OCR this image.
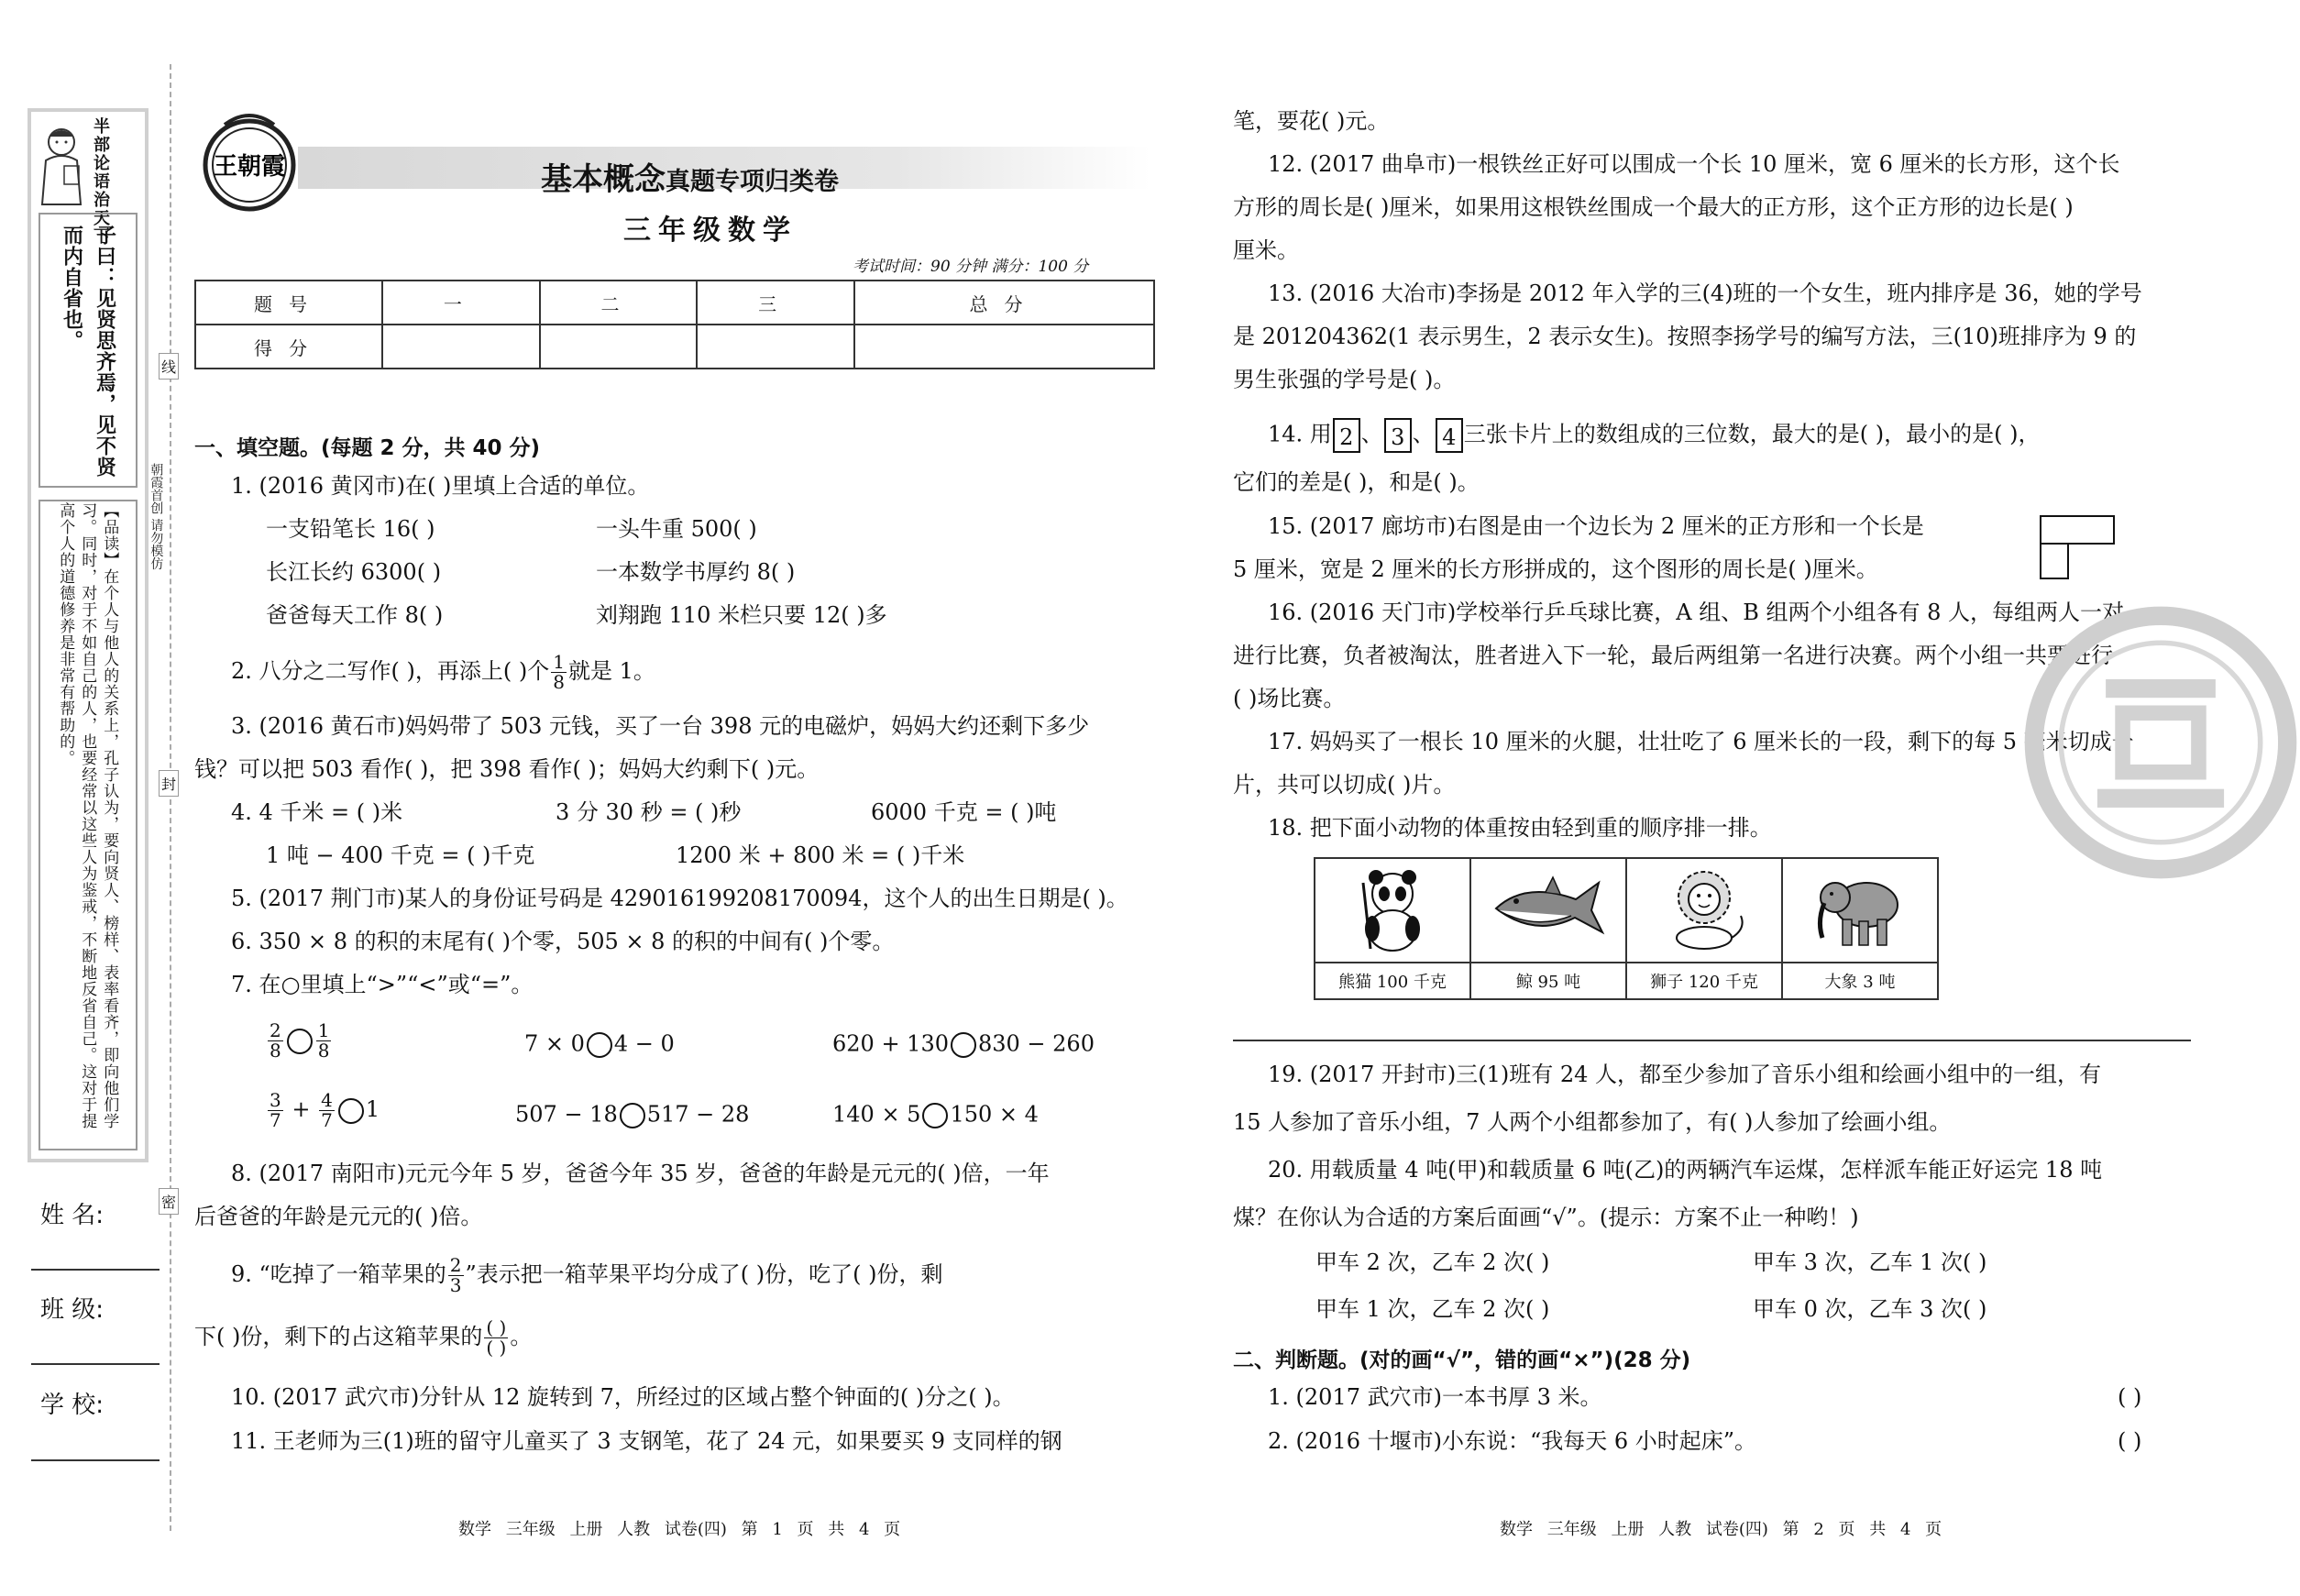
半部论语治天下
子曰：见贤思齐焉，见不贤
而内自省也。
【品读】在个人与他人的关系上，孔子认为，要向贤人、榜样、表率看齐，即向他们学
习。同时，对于不如自己的人，也要经常以这些人为鉴戒，不断地反省自己。这对于提
高个人的道德修养是非常有帮助的。	朝霞首创 请勿模仿
姓 名:
班 级:
学 校:
线
封
密
王朝霞	基本概念真题专项归类卷
三年级数学
考试时间：90 分钟 满分：100 分
题号	一	二	三	总分
得分				
一、填空题。(每题 2 分，共 40 分)
1. (2016 黄冈市)在( )里填上合适的单位。
一支铅笔长 16( )	一头牛重 500( )
长江长约 6300( )	一本数学书厚约 8( )
爸爸每天工作 8( )	刘翔跑 110 米栏只要 12( )多
2. 八分之二写作( )，再添上( )个 $\frac{1}{8}$ 就是 1。
3. (2016 黄石市)妈妈带了 503 元钱，买了一台 398 元的电磁炉，妈妈大约还剩下多少
钱？可以把 503 看作( )，把 398 看作( )；妈妈大约剩下( )元。
4. 4 千米 = ( )米	3 分 30 秒 = ( )秒	6000 千克 = ( )吨
1 吨 − 400 千克 = ( )千克	1200 米 + 800 米 = ( )千米
5. (2017 荆门市)某人的身份证号码是 429016199208170094，这个人的出生日期是( )。
6. 350 × 8 的积的末尾有( )个零，505 × 8 的积的中间有( )个零。
7. 在○里填上“>”“<”或“=”。
$\frac{2}{8} \frac{1}{8}$	7 × 0 4 − 0	620 + 130 830 − 260
$\frac{3}{7} + \frac{4}{7} 1$	507 − 18 517 − 28	140 × 5 150 × 4
8. (2017 南阳市)元元今年 5 岁，爸爸今年 35 岁，爸爸的年龄是元元的( )倍，一年
后爸爸的年龄是元元的( )倍。
9. “吃掉了一箱苹果的 $\frac{2}{3}$ ”表示把一箱苹果平均分成了( )份，吃了( )份，剩
下( )份，剩下的占这箱苹果的 $\frac{( )}{( )}$ 。
10. (2017 武穴市)分针从 12 旋转到 7，所经过的区域占整个钟面的( )分之( )。
11. 王老师为三(1)班的留守儿童买了 3 支钢笔，花了 24 元，如果要买 9 支同样的钢
数学 三年级 上册 人教 试卷(四) 第 1 页 共 4 页
笔，要花( )元。
12. (2017 曲阜市)一根铁丝正好可以围成一个长 10 厘米，宽 6 厘米的长方形，这个长
方形的周长是( )厘米，如果用这根铁丝围成一个最大的正方形，这个正方形的边长是( )
厘米。
13. (2016 大冶市)李扬是 2012 年入学的三(4)班的一个女生，班内排序是 36，她的学号
是 201204362(1 表示男生，2 表示女生)。按照李扬学号的编写方法，三(10)班排序为 9 的
男生张强的学号是( )。
14. 用 2 、 3 、 4 三张卡片上的数组成的三位数，最大的是( )，最小的是( )，
它们的差是( )，和是( )。
15. (2017 廊坊市)右图是由一个边长为 2 厘米的正方形和一个长是
5 厘米，宽是 2 厘米的长方形拼成的，这个图形的周长是( )厘米。
16. (2016 天门市)学校举行乒乓球比赛，A 组、B 组两个小组各有 8 人，每组两人一对
进行比赛，负者被淘汰，胜者进入下一轮，最后两组第一名进行决赛。两个小组一共要进行
( )场比赛。
17. 妈妈买了一根长 10 厘米的火腿，壮壮吃了 6 厘米长的一段，剩下的每 5 毫米切成一
片，共可以切成( )片。
18. 把下面小动物的体重按由轻到重的顺序排一排。

熊猫 100 千克	鲸 95 吨	狮子 120 千克	大象 3 吨
19. (2017 开封市)三(1)班有 24 人，都至少参加了音乐小组和绘画小组中的一组，有
15 人参加了音乐小组，7 人两个小组都参加了，有( )人参加了绘画小组。
20. 用载质量 4 吨(甲)和载质量 6 吨(乙)的两辆汽车运煤，怎样派车能正好运完 18 吨
煤？在你认为合适的方案后面画“√”。(提示：方案不止一种哟！)
甲车 2 次，乙车 2 次( )	甲车 3 次，乙车 1 次( )
甲车 1 次，乙车 2 次( )	甲车 0 次，乙车 3 次( )
二、判断题。(对的画“√”，错的画“×”)(28 分)
1. (2017 武穴市)一本书厚 3 米。	( )
2. (2016 十堰市)小东说：“我每天 6 小时起床”。	( )
数学 三年级 上册 人教 试卷(四) 第 2 页 共 4 页
